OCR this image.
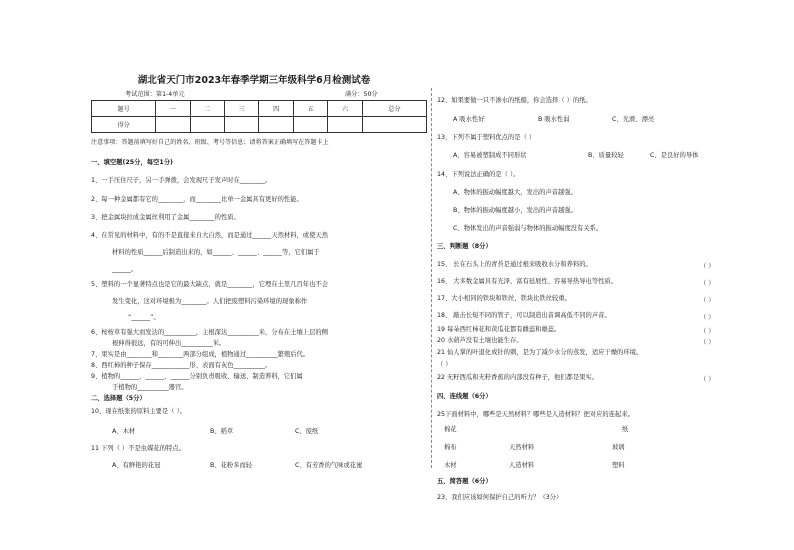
湖北省天门市2023年春季学期三年级科学6月检测试卷
考试范围：第1-4单元	满分：50分
题号	一	二	三	四	五	六	总分
得分							
注意事项：答题前填写好自己的姓名、班级、考号等信息；请将答案正确填写在答题卡上
一、填空题(25分，每空1分)
1、一手压住尺子，另一手弹拨，会发现尺子发声时在________。
2、每一种金属都有它的________，而________比单一金属具有更好的性能。
3、把金属块拉成金属丝利用了金属________的性质。
4、在常见的材料中，有的不是直接来自大自然，而是通过______天然材料，或使天然
材料的性质______后制造出来的，如______、______、______等，它们属于
______。
5、塑料的一个显著特点也是它的最大缺点，就是________，它埋在土里几百年也不会
发生变化，这对环境极为________。人们把废塑料污染环境的现象称作
“______”。
6、桉桉草有强大而发达的__________，主根深达__________米，分布在土壤上层的侧
根伸得很远，有的可伸出__________米。
7、果实是由________和________两部分组成，植物通过__________繁殖后代。
8、西红柿的种子保存____________形、表面有灰色__________。
9、植物的______、______、______分别负责吸收、输送、制造养料，它们属
于植物的__________器官。
二、选择题（5分）
10、现在纸张的原料主要是（ ）。
A、木材	B、稻草	C、废纸
11 下列（ ）不是虫媒花的特点。
A、有鲜艳的花冠	B、花粉多而轻	C、有芳香的气味或花蜜
12、如果要做一只不渗水的纸船，你会选择（ ）的纸。
A 吸水性好	B 吸水性弱	C、光滑、漂亮
13、下列不属于塑料优点的是（ ）
A、容易被塑制成不同形状	B、质量较轻	C、是良好的导体
14、下列说法正确的是（ ）。
A、物体的振动幅度越大，发出的声音越强。
B、物体的振动幅度越小，发出的声音越强。
C、物体发出的声音强弱与物体的振动幅度没有关系。
三、判断题（8分）
15、 长在石头上的青苔是通过根来吸收水分和养料的。	（ ）
16、 大多数金属具有光泽、富有延展性、容易导热导电等性质。	（ ）
17、大小相同的铁块和铁丝，铁块比铁丝较重。	（ ）
18、 敲击长短不同的管子，可以制造出音调高低不同的声音。	（ ）
19 每朵西红柿花和黄瓜花都有雌蕊和雄蕊。	（ ）
20 水葫芦没有土壤也能生存。	（ ）
21 仙人掌的叶退化成针的刺，是为了减少水分的蒸发，适应干燥的环境。
（ ）
22 无籽西瓜和无籽香蕉的内部没有种子，他们都是果实。	（ ）
四、连线题（6分）
25下面材料中，哪些是天然材料？哪些是人造材料？把对应的连起来。
棉花	纸
棉布	天然材料	玻璃
木材	人造材料	塑料
五、简答题（6分）
23、我们应该如何保护自己的听力？（3分）
